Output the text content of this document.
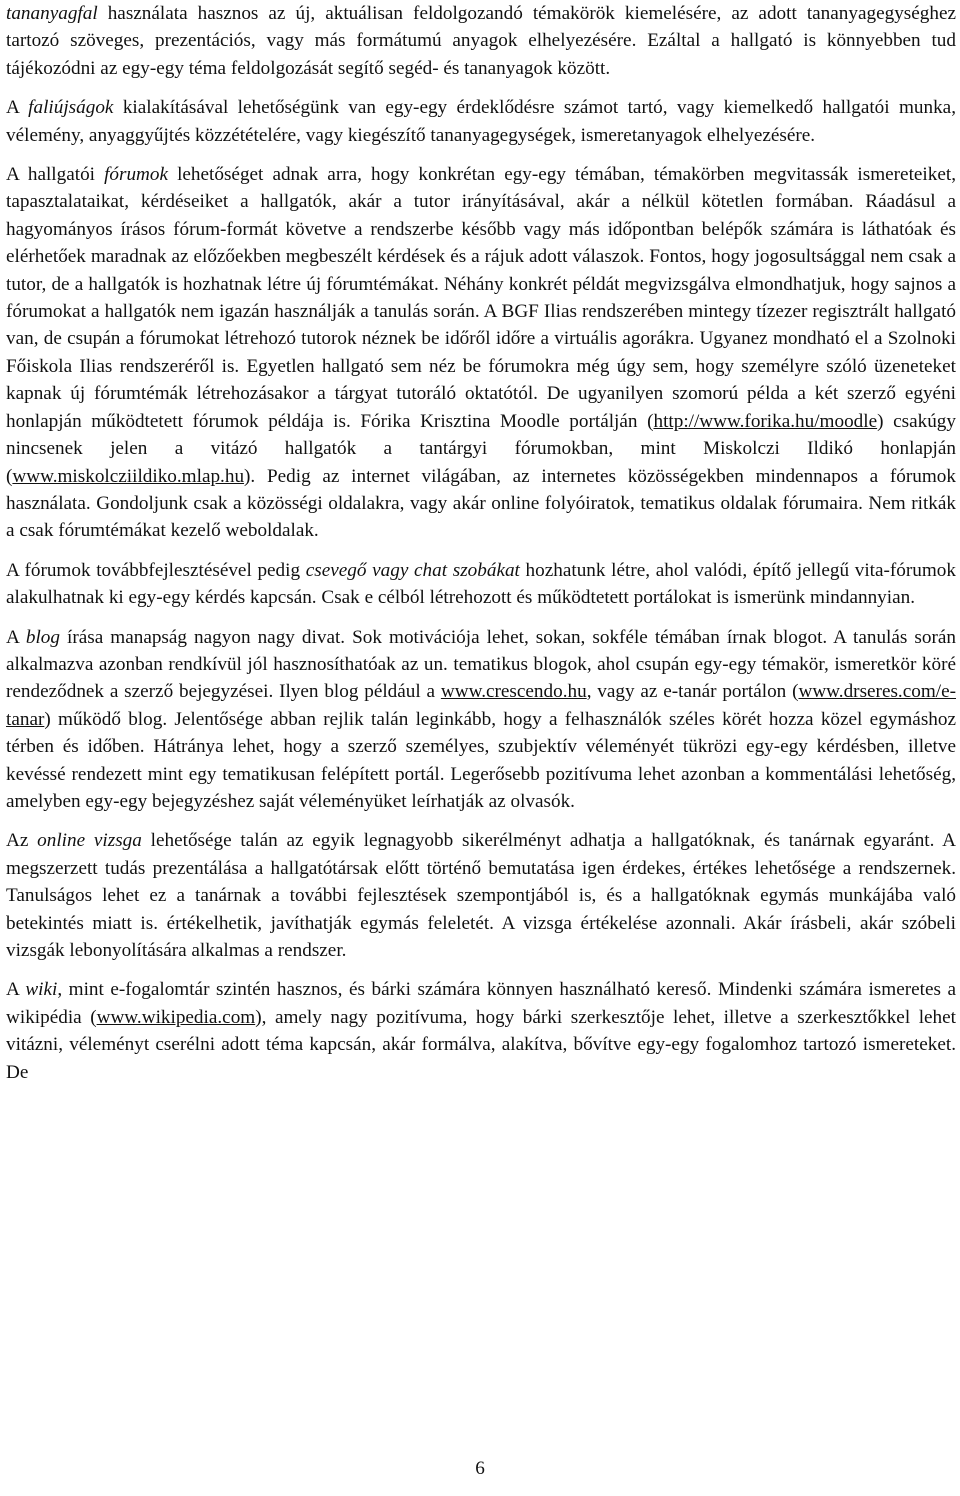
tananyagfal használata hasznos az új, aktuálisan feldolgozandó témakörök kiemelésére, az adott tananyagegységhez tartozó szöveges, prezentációs, vagy más formátumú anyagok elhelyezésére. Ezáltal a hallgató is könnyebben tud tájékozódni az egy-egy téma feldolgozását segítő segéd- és tananyagok között.

A faliújságok kialakításával lehetőségünk van egy-egy érdeklődésre számot tartó, vagy kiemelkedő hallgatói munka, vélemény, anyaggyűjtés közzétételére, vagy kiegészítő tananyagegységek, ismeretanyagok elhelyezésére.

A hallgatói fórumok lehetőséget adnak arra, hogy konkrétan egy-egy témában, témakörben megvitassák ismereteiket, tapasztalataikat, kérdéseiket a hallgatók, akár a tutor irányításával, akár a nélkül kötetlen formában. Ráadásul a hagyományos írásos fórum-formát követve a rendszerbe később vagy más időpontban belépők számára is láthatóak és elérhetőek maradnak az előzőekben megbeszélt kérdések és a rájuk adott válaszok. Fontos, hogy jogosultsággal nem csak a tutor, de a hallgatók is hozhatnak létre új fórumtémákat. Néhány konkrét példát megvizsgálva elmondhatjuk, hogy sajnos a fórumokat a hallgatók nem igazán használják a tanulás során. A BGF Ilias rendszerében mintegy tízezer regisztrált hallgató van, de csupán a fórumokat létrehozó tutorok néznek be időről időre a virtuális agorákra. Ugyanez mondható el a Szolnoki Főiskola Ilias rendszeréről is. Egyetlen hallgató sem néz be fórumokra még úgy sem, hogy személyre szóló üzeneteket kapnak új fórumtémák létrehozásakor a tárgyat tutoráló oktatótól. De ugyanilyen szomorú példa a két szerző egyéni honlapján működtetett fórumok példája is. Fórika Krisztina Moodle portálján (http://www.forika.hu/moodle) csakúgy nincsenek jelen a vitázó hallgatók a tantárgyi fórumokban, mint Miskolczi Ildikó honlapján (www.miskolcziildiko.mlap.hu). Pedig az internet világában, az internetes közösségekben mindennapos a fórumok használata. Gondoljunk csak a közösségi oldalakra, vagy akár online folyóiratok, tematikus oldalak fórumaira. Nem ritkák a csak fórumtémákat kezelő weboldalak.

A fórumok továbbfejlesztésével pedig csevegő vagy chat szobákat hozhatunk létre, ahol valódi, építő jellegű vita-fórumok alakulhatnak ki egy-egy kérdés kapcsán. Csak e célból létrehozott és működtetett portálokat is ismerünk mindannyian.

A blog írása manapság nagyon nagy divat. Sok motivációja lehet, sokan, sokféle témában írnak blogot. A tanulás során alkalmazva azonban rendkívül jól hasznosíthatóak az un. tematikus blogok, ahol csupán egy-egy témakör, ismeretkör köré rendeződnek a szerző bejegyzései. Ilyen blog például a www.crescendo.hu, vagy az e-tanár portálon (www.drseres.com/e-tanar) működő blog. Jelentősége abban rejlik talán leginkább, hogy a felhasználók széles körét hozza közel egymáshoz térben és időben. Hátránya lehet, hogy a szerző személyes, szubjektív véleményét tükrözi egy-egy kérdésben, illetve kevéssé rendezett mint egy tematikusan felépített portál. Legerősebb pozitívuma lehet azonban a kommentálási lehetőség, amelyben egy-egy bejegyzéshez saját véleményüket leírhatják az olvasók.

Az online vizsga lehetősége talán az egyik legnagyobb sikerélményt adhatja a hallgatóknak, és tanárnak egyaránt. A megszerzett tudás prezentálása a hallgatótársak előtt történő bemutatása igen érdekes, értékes lehetősége a rendszernek. Tanulságos lehet ez a tanárnak a további fejlesztések szempontjából is, és a hallgatóknak egymás munkájába való betekintés miatt is. értékelhetik, javíthatják egymás feleletét. A vizsga értékelése azonnali. Akár írásbeli, akár szóbeli vizsgák lebonyolítására alkalmas a rendszer.

A wiki, mint e-fogalomtár szintén hasznos, és bárki számára könnyen használható kereső. Mindenki számára ismeretes a wikipédia (www.wikipedia.com), amely nagy pozitívuma, hogy bárki szerkesztője lehet, illetve a szerkesztőkkel lehet vitázni, véleményt cserélni adott téma kapcsán, akár formálva, alakítva, bővítve egy-egy fogalomhoz tartozó ismereteket. De

6
